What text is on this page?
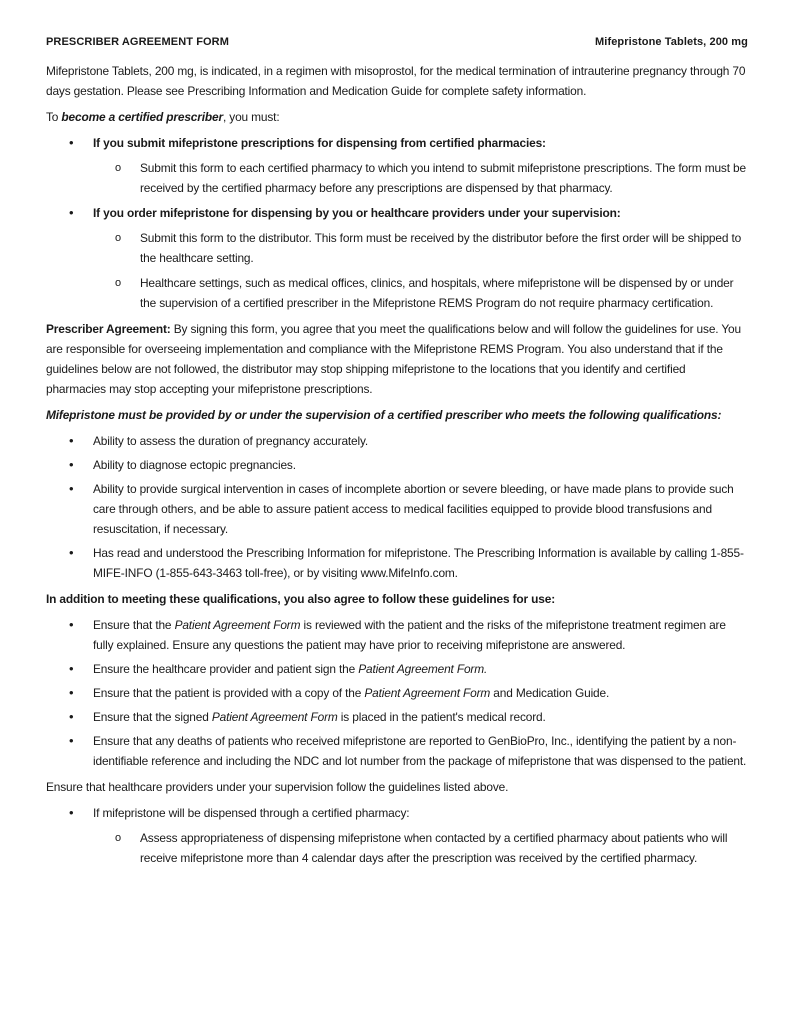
PRESCRIBER AGREEMENT FORM	Mifepristone Tablets, 200 mg

Mifepristone Tablets, 200 mg, is indicated, in a regimen with misoprostol, for the medical termination of intrauterine pregnancy through 70 days gestation. Please see Prescribing Information and Medication Guide for complete safety information.

To become a certified prescriber, you must:

• If you submit mifepristone prescriptions for dispensing from certified pharmacies:
o Submit this form to each certified pharmacy to which you intend to submit mifepristone prescriptions. The form must be received by the certified pharmacy before any prescriptions are dispensed by that pharmacy.
• If you order mifepristone for dispensing by you or healthcare providers under your supervision:
o Submit this form to the distributor. This form must be received by the distributor before the first order will be shipped to the healthcare setting.
o Healthcare settings, such as medical offices, clinics, and hospitals, where mifepristone will be dispensed by or under the supervision of a certified prescriber in the Mifepristone REMS Program do not require pharmacy certification.

Prescriber Agreement: By signing this form, you agree that you meet the qualifications below and will follow the guidelines for use. You are responsible for overseeing implementation and compliance with the Mifepristone REMS Program. You also understand that if the guidelines below are not followed, the distributor may stop shipping mifepristone to the locations that you identify and certified pharmacies may stop accepting your mifepristone prescriptions.

Mifepristone must be provided by or under the supervision of a certified prescriber who meets the following qualifications:

• Ability to assess the duration of pregnancy accurately.
• Ability to diagnose ectopic pregnancies.
• Ability to provide surgical intervention in cases of incomplete abortion or severe bleeding, or have made plans to provide such care through others, and be able to assure patient access to medical facilities equipped to provide blood transfusions and resuscitation, if necessary.
• Has read and understood the Prescribing Information for mifepristone. The Prescribing Information is available by calling 1-855-MIFE-INFO (1-855-643-3463 toll-free), or by visiting www.MifeInfo.com.

In addition to meeting these qualifications, you also agree to follow these guidelines for use:

• Ensure that the Patient Agreement Form is reviewed with the patient and the risks of the mifepristone treatment regimen are fully explained. Ensure any questions the patient may have prior to receiving mifepristone are answered.
• Ensure the healthcare provider and patient sign the Patient Agreement Form.
• Ensure that the patient is provided with a copy of the Patient Agreement Form and Medication Guide.
• Ensure that the signed Patient Agreement Form is placed in the patient's medical record.
• Ensure that any deaths of patients who received mifepristone are reported to GenBioPro, Inc., identifying the patient by a non-identifiable reference and including the NDC and lot number from the package of mifepristone that was dispensed to the patient.

Ensure that healthcare providers under your supervision follow the guidelines listed above.

• If mifepristone will be dispensed through a certified pharmacy:
o Assess appropriateness of dispensing mifepristone when contacted by a certified pharmacy about patients who will receive mifepristone more than 4 calendar days after the prescription was received by the certified pharmacy.
